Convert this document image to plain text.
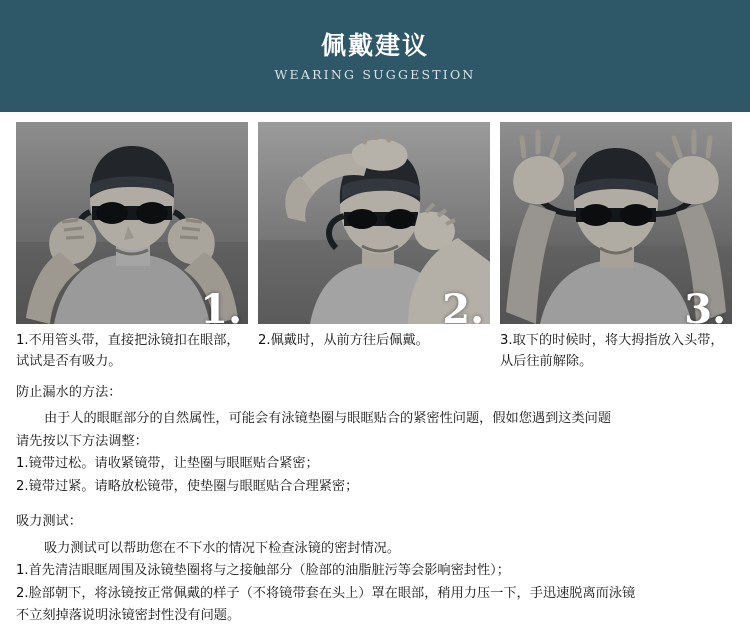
佩戴建议
WEARING SUGGESTION
1.	2.	3.
1.不用管头带，直接把泳镜扣在眼部，试试是否有吸力。
2.佩戴时，从前方往后佩戴。	3.取下的时候时，将大拇指放入头带，从后往前解除。

防止漏水的方法：

由于人的眼眶部分的自然属性，可能会有泳镜垫圈与眼眶贴合的紧密性问题，假如您遇到这类问题

请先按以下方法调整：

1.镜带过松。请收紧镜带，让垫圈与眼眶贴合紧密；

2.镜带过紧。请略放松镜带，使垫圈与眼眶贴合合理紧密；

吸力测试：

吸力测试可以帮助您在不下水的情况下检查泳镜的密封情况。

1.首先清洁眼眶周围及泳镜垫圈将与之接触部分（脸部的油脂脏污等会影响密封性）；

2.脸部朝下，将泳镜按正常佩戴的样子（不将镜带套在头上）罩在眼部，稍用力压一下，手迅速脱离而泳镜

不立刻掉落说明泳镜密封性没有问题。
